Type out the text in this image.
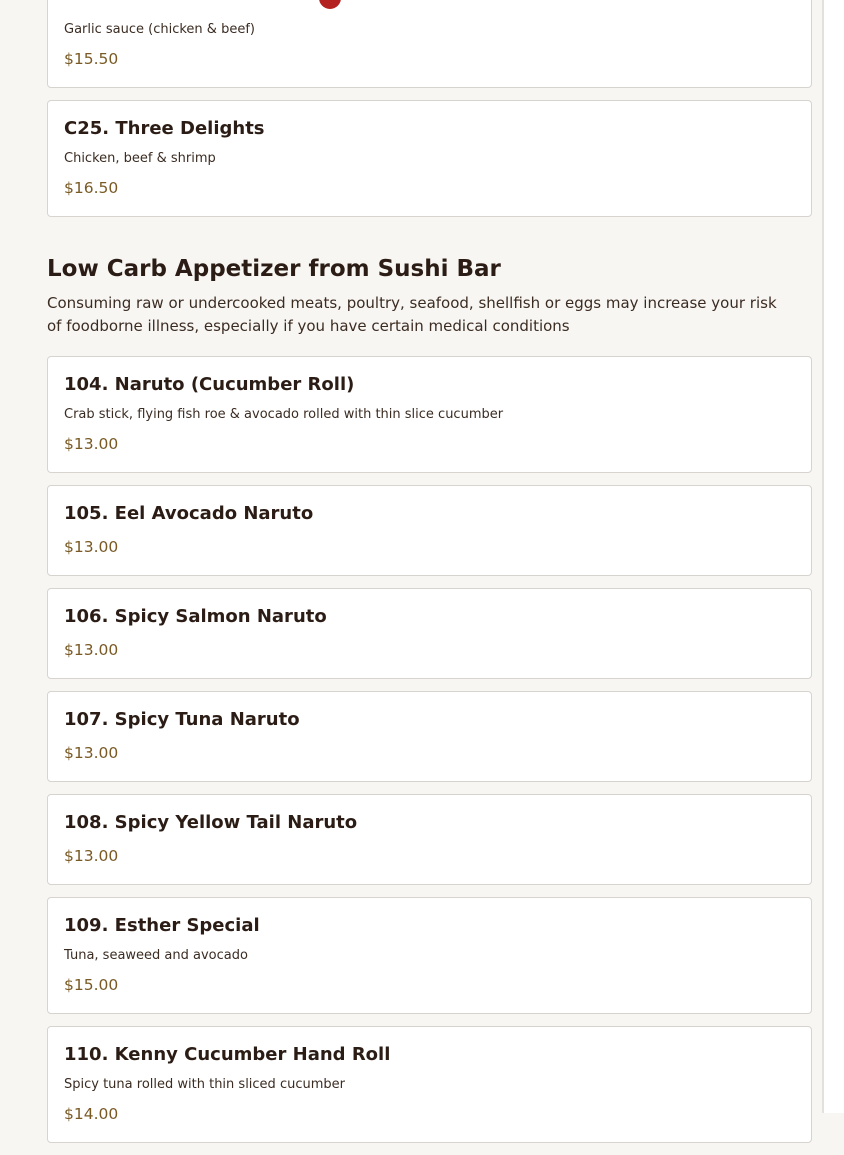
Garlic sauce (chicken & beef)

$15.50

C25. Three Delights

Chicken, beef & shrimp

$16.50

Low Carb Appetizer from Sushi Bar

Consuming raw or undercooked meats, poultry, seafood, shellfish or eggs may increase your risk of foodborne illness, especially if you have certain medical conditions

104. Naruto (Cucumber Roll)

Crab stick, flying fish roe & avocado rolled with thin slice cucumber

$13.00

105. Eel Avocado Naruto

$13.00

106. Spicy Salmon Naruto

$13.00

107. Spicy Tuna Naruto

$13.00

108. Spicy Yellow Tail Naruto

$13.00

109. Esther Special

Tuna, seaweed and avocado

$15.00

110. Kenny Cucumber Hand Roll

Spicy tuna rolled with thin sliced cucumber

$14.00
